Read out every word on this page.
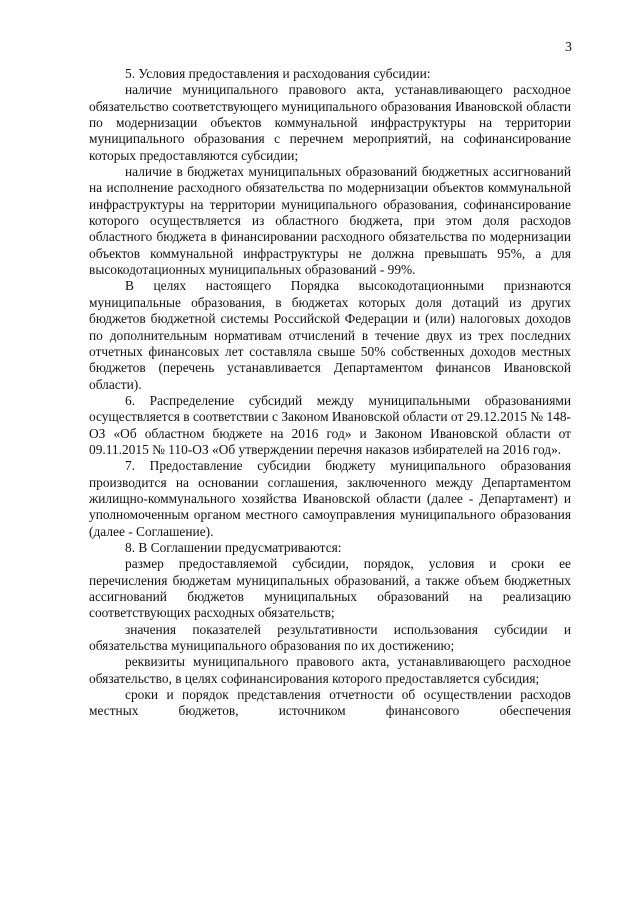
3

5. Условия предоставления и расходования субсидии:

наличие муниципального правового акта, устанавливающего расходное обязательство соответствующего муниципального образования Ивановской области по модернизации объектов коммунальной инфраструктуры на территории муниципального образования с перечнем мероприятий, на софинансирование которых предоставляются субсидии;

наличие в бюджетах муниципальных образований бюджетных ассигнований на исполнение расходного обязательства по модернизации объектов коммунальной инфраструктуры на территории муниципального образования, софинансирование которого осуществляется из областного бюджета, при этом доля расходов областного бюджета в финансировании расходного обязательства по модернизации объектов коммунальной инфраструктуры не должна превышать 95%, а для высокодотационных муниципальных образований - 99%.

В целях настоящего Порядка высокодотационными признаются муниципальные образования, в бюджетах которых доля дотаций из других бюджетов бюджетной системы Российской Федерации и (или) налоговых доходов по дополнительным нормативам отчислений в течение двух из трех последних отчетных финансовых лет составляла свыше 50% собственных доходов местных бюджетов (перечень устанавливается Департаментом финансов Ивановской области).

6. Распределение субсидий между муниципальными образованиями осуществляется в соответствии с Законом Ивановской области от 29.12.2015 № 148-ОЗ «Об областном бюджете на 2016 год» и Законом Ивановской области от 09.11.2015 № 110-ОЗ «Об утверждении перечня наказов избирателей на 2016 год».

7. Предоставление субсидии бюджету муниципального образования производится на основании соглашения, заключенного между Департаментом жилищно-коммунального хозяйства Ивановской области (далее - Департамент) и уполномоченным органом местного самоуправления муниципального образования (далее - Соглашение).

8. В Соглашении предусматриваются:

размер предоставляемой субсидии, порядок, условия и сроки ее перечисления бюджетам муниципальных образований, а также объем бюджетных ассигнований бюджетов муниципальных образований на реализацию соответствующих расходных обязательств;

значения показателей результативности использования субсидии и обязательства муниципального образования по их достижению;

реквизиты муниципального правового акта, устанавливающего расходное обязательство, в целях софинансирования которого предоставляется субсидия;

сроки и порядок представления отчетности об осуществлении расходов местных бюджетов, источником финансового обеспечения
